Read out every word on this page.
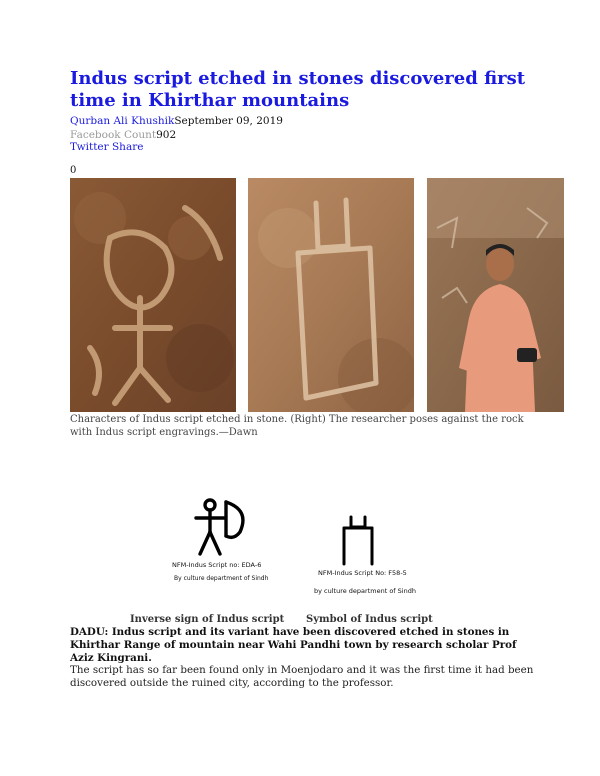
Indus script etched in stones discovered first time in Khirthar mountains
Qurban Ali KhushikSeptember 09, 2019
Facebook Count902
Twitter Share
0
Characters of Indus script etched in stone. (Right) The researcher poses against the rock with Indus script engravings.—Dawn
NFM-Indus Script no: EDA-6
By culture department of Sindh
NFM-Indus Script No: F58-5
by culture department of Sindh
Inverse sign of Indus script Symbol of Indus script

DADU: Indus script and its variant have been discovered etched in stones in Khirthar Range of mountain near Wahi Pandhi town by research scholar Prof Aziz Kingrani.

The script has so far been found only in Moenjodaro and it was the first time it had been discovered outside the ruined city, according to the professor.
